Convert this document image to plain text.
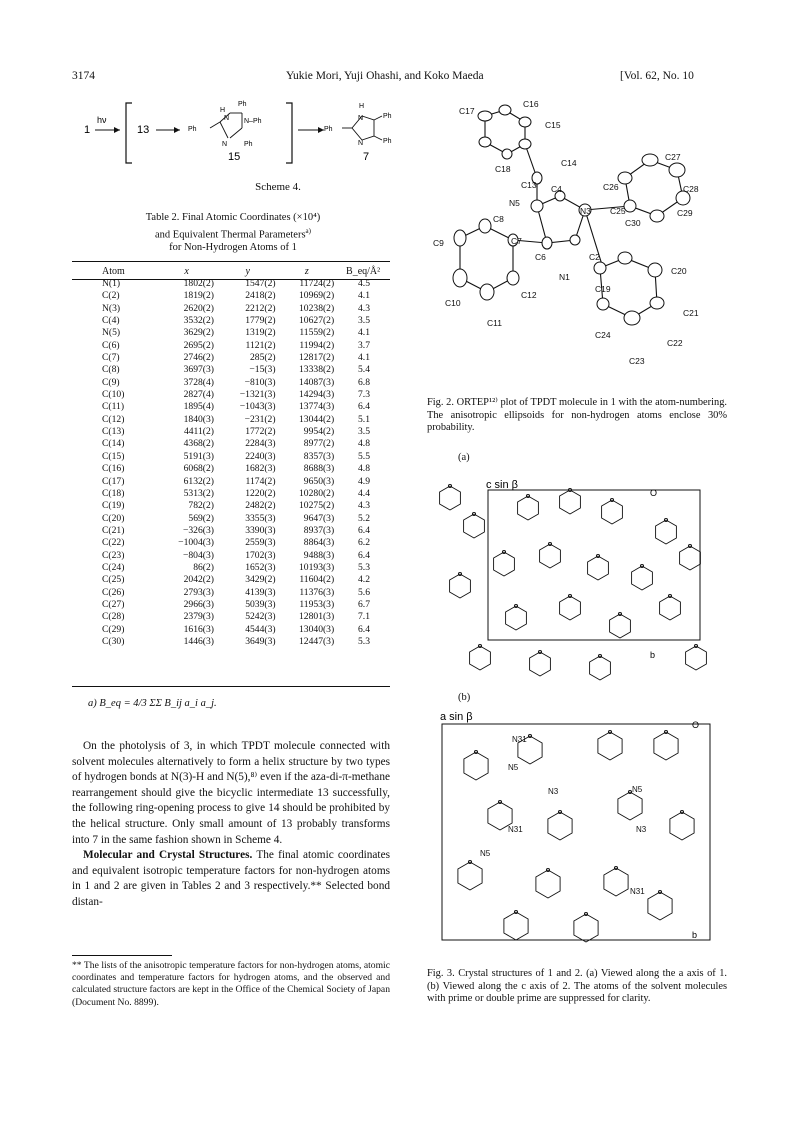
3174	Yukie Mori, Yuji Ohashi, and Koko Maeda	[Vol. 62, No. 10
1
hν
13	Ph
H
N
Ph
N–Ph
N Ph
15
Ph
H
N
N
Ph
Ph
7
Scheme 4.
Table 2. Final Atomic Coordinates (×10⁴)
and Equivalent Thermal Parameters$^{a)}$
for Non-Hydrogen Atoms of 1
Atom	x	y	z	B_eq/Å²
N(1)	1802(2)	1547(2)	11724(2)	4.5
C(2)	1819(2)	2418(2)	10969(2)	4.1
N(3)	2620(2)	2212(2)	10238(2)	4.3
C(4)	3532(2)	1779(2)	10627(2)	3.5
N(5)	3629(2)	1319(2)	11559(2)	4.1
C(6)	2695(2)	1121(2)	11994(2)	3.7
C(7)	2746(2)	285(2)	12817(2)	4.1
C(8)	3697(3)	−15(3)	13338(2)	5.4
C(9)	3728(4)	−810(3)	14087(3)	6.8
C(10)	2827(4)	−1321(3)	14294(3)	7.3
C(11)	1895(4)	−1043(3)	13774(3)	6.4
C(12)	1840(3)	−231(2)	13044(2)	5.1
C(13)	4411(2)	1772(2)	9954(2)	3.5
C(14)	4368(2)	2284(3)	8977(2)	4.8
C(15)	5191(3)	2240(3)	8357(3)	5.5
C(16)	6068(2)	1682(3)	8688(3)	4.8
C(17)	6132(2)	1174(2)	9650(3)	4.9
C(18)	5313(2)	1220(2)	10280(2)	4.4
C(19)	782(2)	2482(2)	10275(2)	4.3
C(20)	569(2)	3355(3)	9647(3)	5.2
C(21)	−326(3)	3390(3)	8937(3)	6.4
C(22)	−1004(3)	2559(3)	8864(3)	6.2
C(23)	−804(3)	1702(3)	9488(3)	6.4
C(24)	86(2)	1652(3)	10193(3)	5.3
C(25)	2042(2)	3429(2)	11604(2)	4.2
C(26)	2793(3)	4139(3)	11376(3)	5.6
C(27)	2966(3)	5039(3)	11953(3)	6.7
C(28)	2379(3)	5242(3)	12801(3)	7.1
C(29)	1616(3)	4544(3)	13040(3)	6.4
C(30)	1446(3)	3649(3)	12447(3)	5.3
a) B_eq = 4/3 ΣΣ B_ij a_i a_j.

On the photolysis of 3, in which TPDT molecule connected with solvent molecules alternatively to form a helix structure by two types of hydrogen bonds at N(3)-H and N(5),⁸⁾ even if the aza-di-π-methane rearrangement should give the bicyclic intermediate 13 successfully, the following ring-opening process to give 14 should be prohibited by the helical structure. Only small amount of 13 probably transforms into 7 in the same fashion shown in Scheme 4.

Molecular and Crystal Structures. The final atomic coordinates and equivalent isotropic temperature factors for non-hydrogen atoms in 1 and 2 are given in Tables 2 and 3 respectively.** Selected bond distan-

** The lists of the anisotropic temperature factors for non-hydrogen atoms, atomic coordinates and temperature factors for hydrogen atoms, and the observed and calculated structure factors are kept in the Office of the Chemical Society of Japan (Document No. 8899).
C17
C16
C15
C18
C14
C13 C4
N5
N3 C25
C26
C27
C28
C29
C30
C8
C7
C6	C2
C9
N1
C19
C20
C12
C10
C11
C21
C24
C22
C23
Fig. 2. ORTEP¹²⁾ plot of TPDT molecule in 1 with the atom-numbering. The anisotropic ellipsoids for non-hydrogen atoms enclose 30% probability.
(a)
c sin β
O
b
(b)
a sin β
O
b
N31
N5
N3	N5
N31	N3
N5
N31
Fig. 3. Crystal structures of 1 and 2. (a) Viewed along the a axis of 1. (b) Viewed along the c axis of 2. The atoms of the solvent molecules with prime or double prime are suppressed for clarity.
